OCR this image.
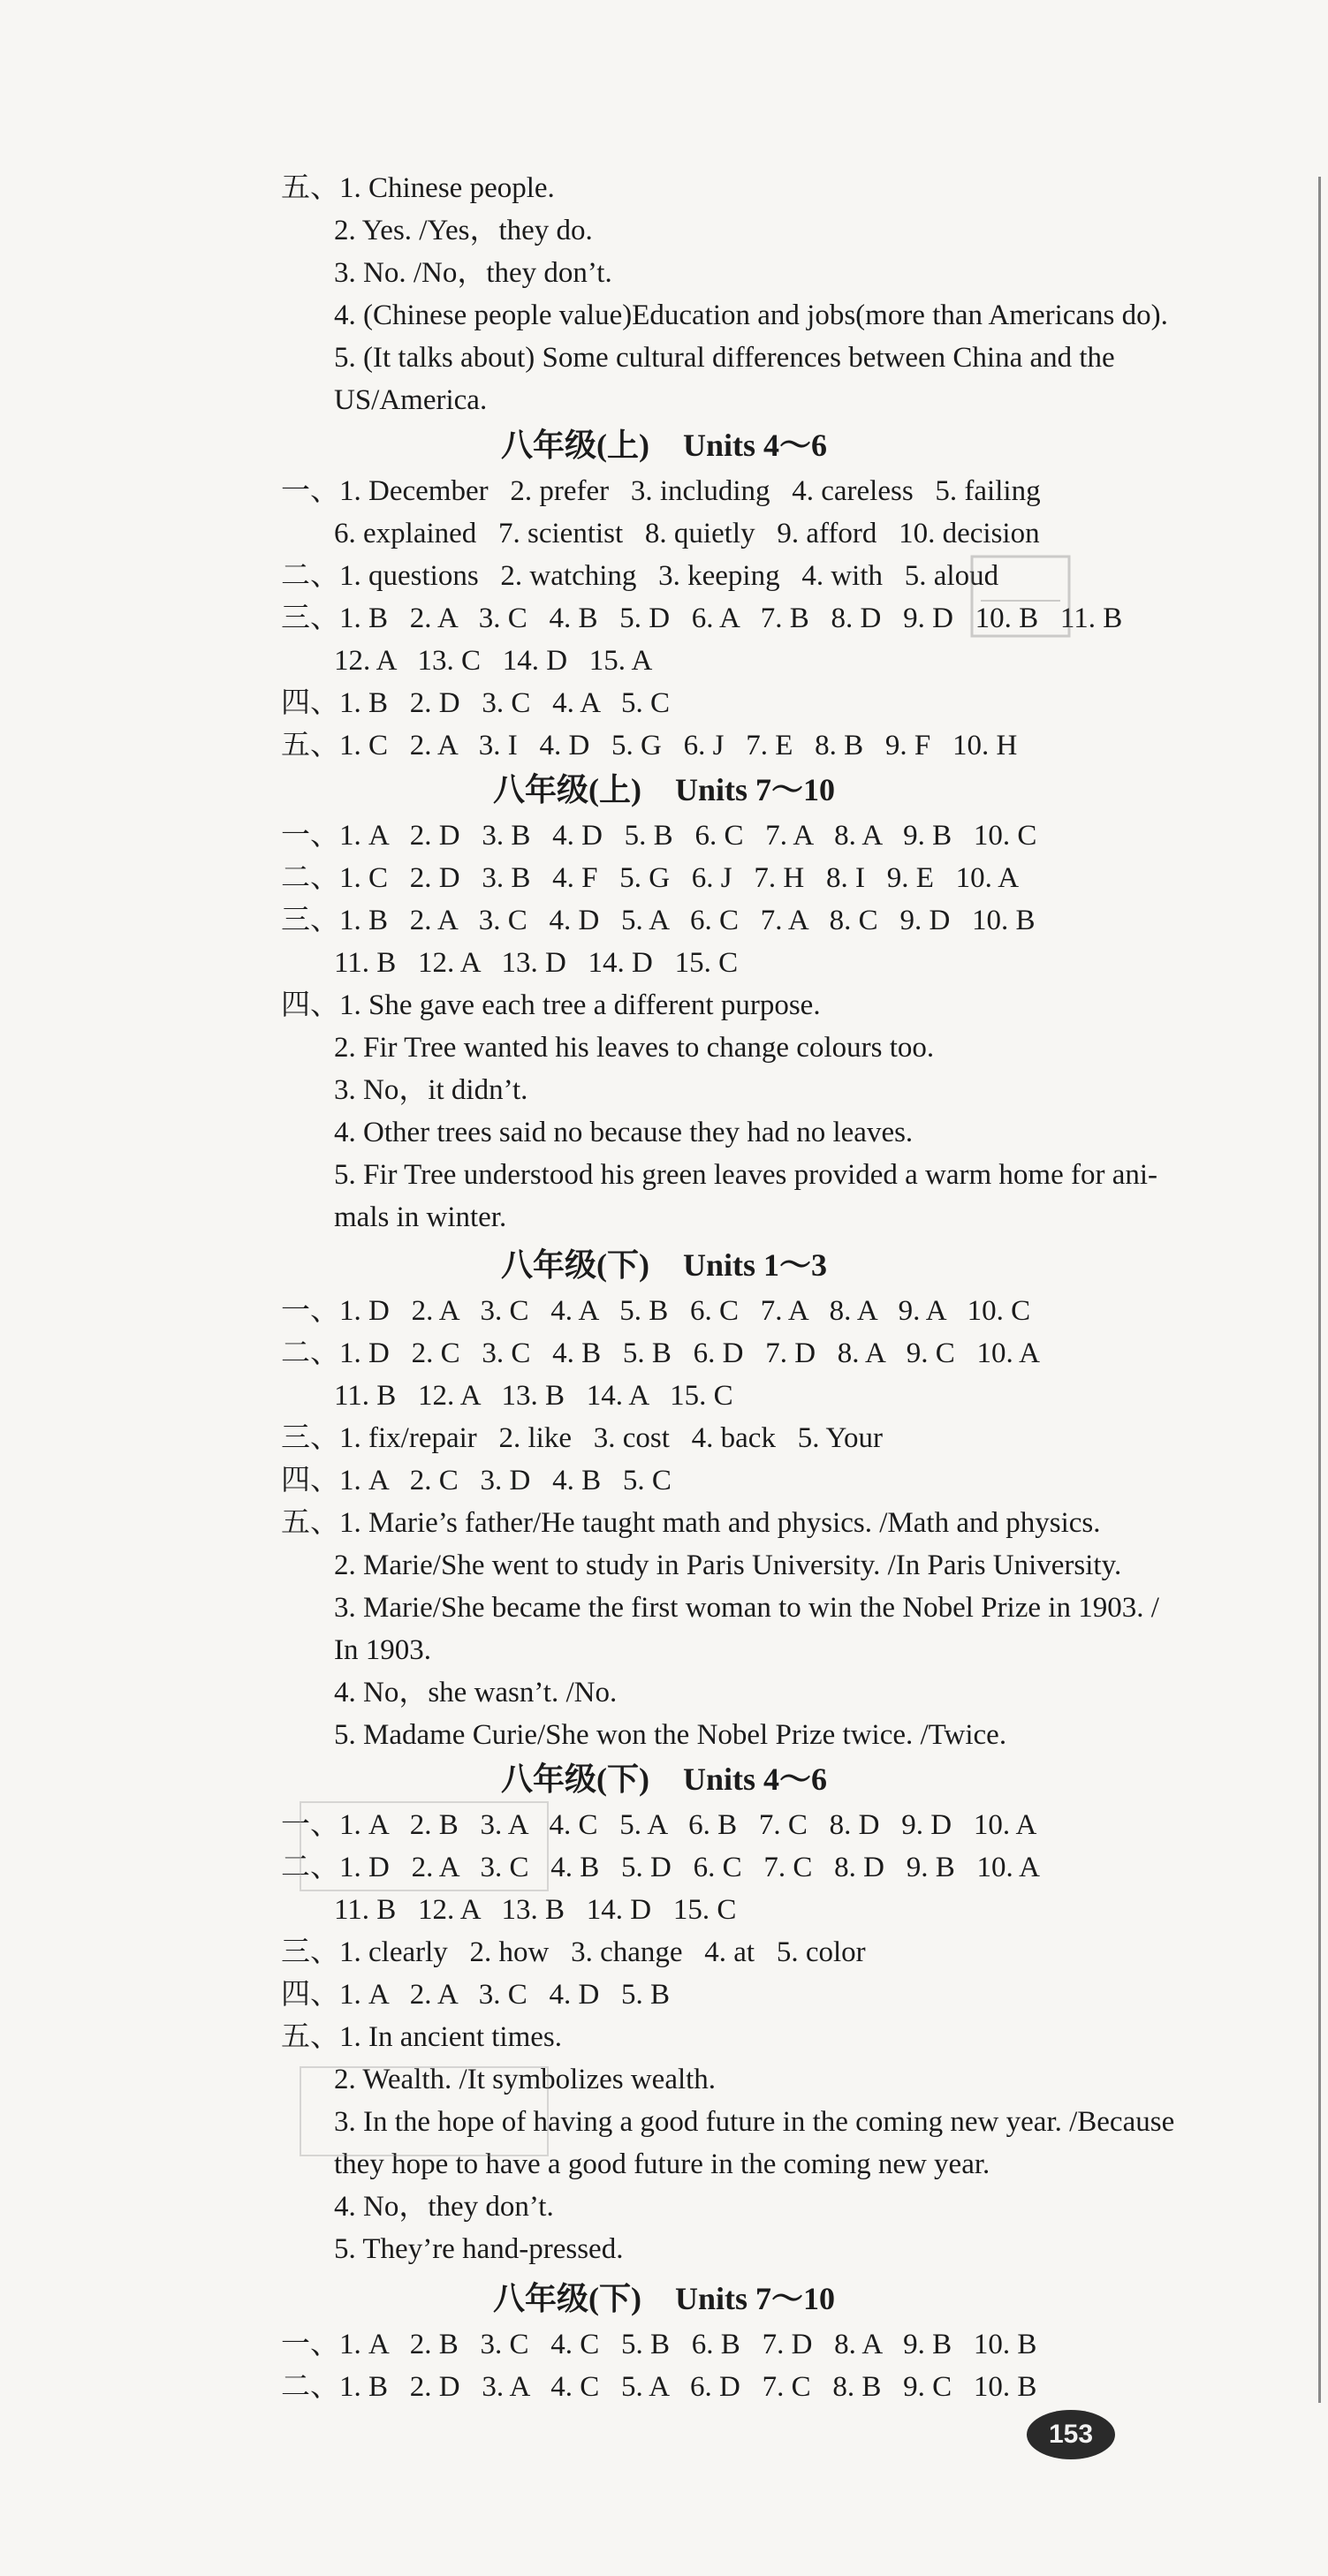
五、1. Chinese people.
2. Yes. /Yes，they do.
3. No. /No，they don’t.
4. (Chinese people value)Education and jobs(more than Americans do).
5. (It talks about) Some cultural differences between China and the
US/America.
八年级(上) Units 4～6
一、1. December   2. prefer   3. including   4. careless   5. failing
6. explained   7. scientist   8. quietly   9. afford   10. decision
二、1. questions   2. watching   3. keeping   4. with   5. aloud
三、1. B   2. A   3. C   4. B   5. D   6. A   7. B   8. D   9. D   10. B   11. B
12. A   13. C   14. D   15. A
四、1. B   2. D   3. C   4. A   5. C
五、1. C   2. A   3. I   4. D   5. G   6. J   7. E   8. B   9. F   10. H
八年级(上) Units 7～10
一、1. A   2. D   3. B   4. D   5. B   6. C   7. A   8. A   9. B   10. C
二、1. C   2. D   3. B   4. F   5. G   6. J   7. H   8. I   9. E   10. A
三、1. B   2. A   3. C   4. D   5. A   6. C   7. A   8. C   9. D   10. B
11. B   12. A   13. D   14. D   15. C
四、1. She gave each tree a different purpose.
2. Fir Tree wanted his leaves to change colours too.
3. No，it didn’t.
4. Other trees said no because they had no leaves.
5. Fir Tree understood his green leaves provided a warm home for ani-
mals in winter.
八年级(下) Units 1～3
一、1. D   2. A   3. C   4. A   5. B   6. C   7. A   8. A   9. A   10. C
二、1. D   2. C   3. C   4. B   5. B   6. D   7. D   8. A   9. C   10. A
11. B   12. A   13. B   14. A   15. C
三、1. fix/repair   2. like   3. cost   4. back   5. Your
四、1. A   2. C   3. D   4. B   5. C
五、1. Marie’s father/He taught math and physics. /Math and physics.
2. Marie/She went to study in Paris University. /In Paris University.
3. Marie/She became the first woman to win the Nobel Prize in 1903. /
In 1903.
4. No，she wasn’t. /No.
5. Madame Curie/She won the Nobel Prize twice. /Twice.
八年级(下) Units 4～6
一、1. A   2. B   3. A   4. C   5. A   6. B   7. C   8. D   9. D   10. A
二、1. D   2. A   3. C   4. B   5. D   6. C   7. C   8. D   9. B   10. A
11. B   12. A   13. B   14. D   15. C
三、1. clearly   2. how   3. change   4. at   5. color
四、1. A   2. A   3. C   4. D   5. B
五、1. In ancient times.
2. Wealth. /It symbolizes wealth.
3. In the hope of having a good future in the coming new year. /Because
they hope to have a good future in the coming new year.
4. No，they don’t.
5. They’re hand-pressed.
八年级(下) Units 7～10
一、1. A   2. B   3. C   4. C   5. B   6. B   7. D   8. A   9. B   10. B
二、1. B   2. D   3. A   4. C   5. A   6. D   7. C   8. B   9. C   10. B
153
